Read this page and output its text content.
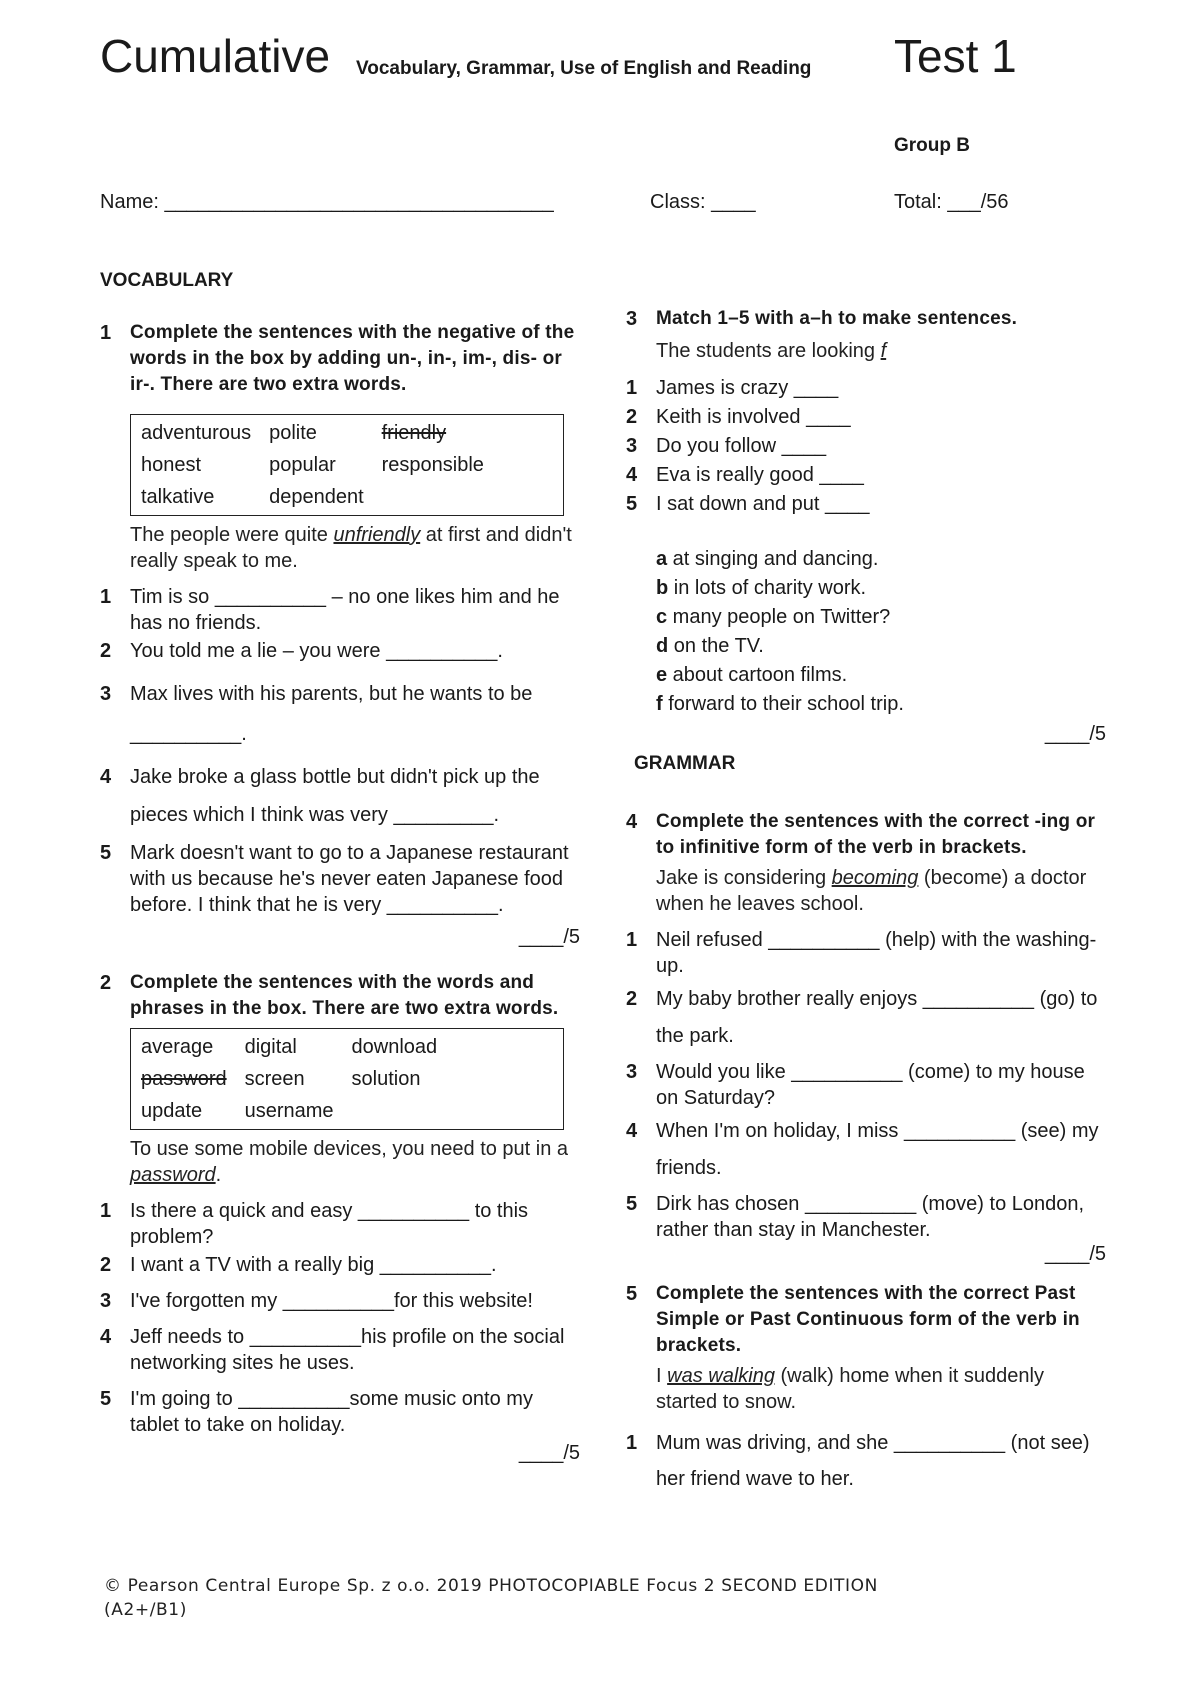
Cumulative Vocabulary, Grammar, Use of English and Reading	Test 1
Group B
Name: ___________________________________	Class: ____	Total: ___/56
VOCABULARY
1 Complete the sentences with the negative of the words in the box by adding un-, in-, im-, dis- or ir-. There are two extra words.
adventurous	polite	friendly
honest	popular	responsible
talkative	dependent	
The people were quite unfriendly at first and didn't really speak to me.
1 Tim is so __________ – no one likes him and he has no friends.
2 You told me a lie – you were __________.
3 Max lives with his parents, but he wants to be __________.
4 Jake broke a glass bottle but didn't pick up the pieces which I think was very _________.
5 Mark doesn't want to go to a Japanese restaurant with us because he's never eaten Japanese food before. I think that he is very __________.
____/5
2 Complete the sentences with the words and phrases in the box. There are two extra words.
average	digital	download
password	screen	solution
update	username	
To use some mobile devices, you need to put in a password.
1 Is there a quick and easy __________ to this problem?
2 I want a TV with a really big __________.
3 I've forgotten my __________for this website!
4 Jeff needs to __________his profile on the social networking sites he uses.
5 I'm going to __________some music onto my tablet to take on holiday.
____/5
3 Match 1–5 with a–h to make sentences.
The students are looking f
1 James is crazy ____
2 Keith is involved ____
3 Do you follow ____
4 Eva is really good ____
5 I sat down and put ____
a at singing and dancing.
b in lots of charity work.
c many people on Twitter?
d on the TV.
e about cartoon films.
f forward to their school trip.
____/5
GRAMMAR
4 Complete the sentences with the correct -ing or to infinitive form of the verb in brackets.
Jake is considering becoming (become) a doctor when he leaves school.
1 Neil refused __________ (help) with the washing-up.
2 My baby brother really enjoys __________ (go) to the park.
3 Would you like __________ (come) to my house on Saturday?
4 When I'm on holiday, I miss __________ (see) my friends.
5 Dirk has chosen __________ (move) to London, rather than stay in Manchester.
____/5
5 Complete the sentences with the correct Past Simple or Past Continuous form of the verb in brackets.
I was walking (walk) home when it suddenly started to snow.
1 Mum was driving, and she __________ (not see) her friend wave to her.
© Pearson Central Europe Sp. z o.o. 2019 PHOTOCOPIABLE Focus 2 SECOND EDITION (A2+/B1)
